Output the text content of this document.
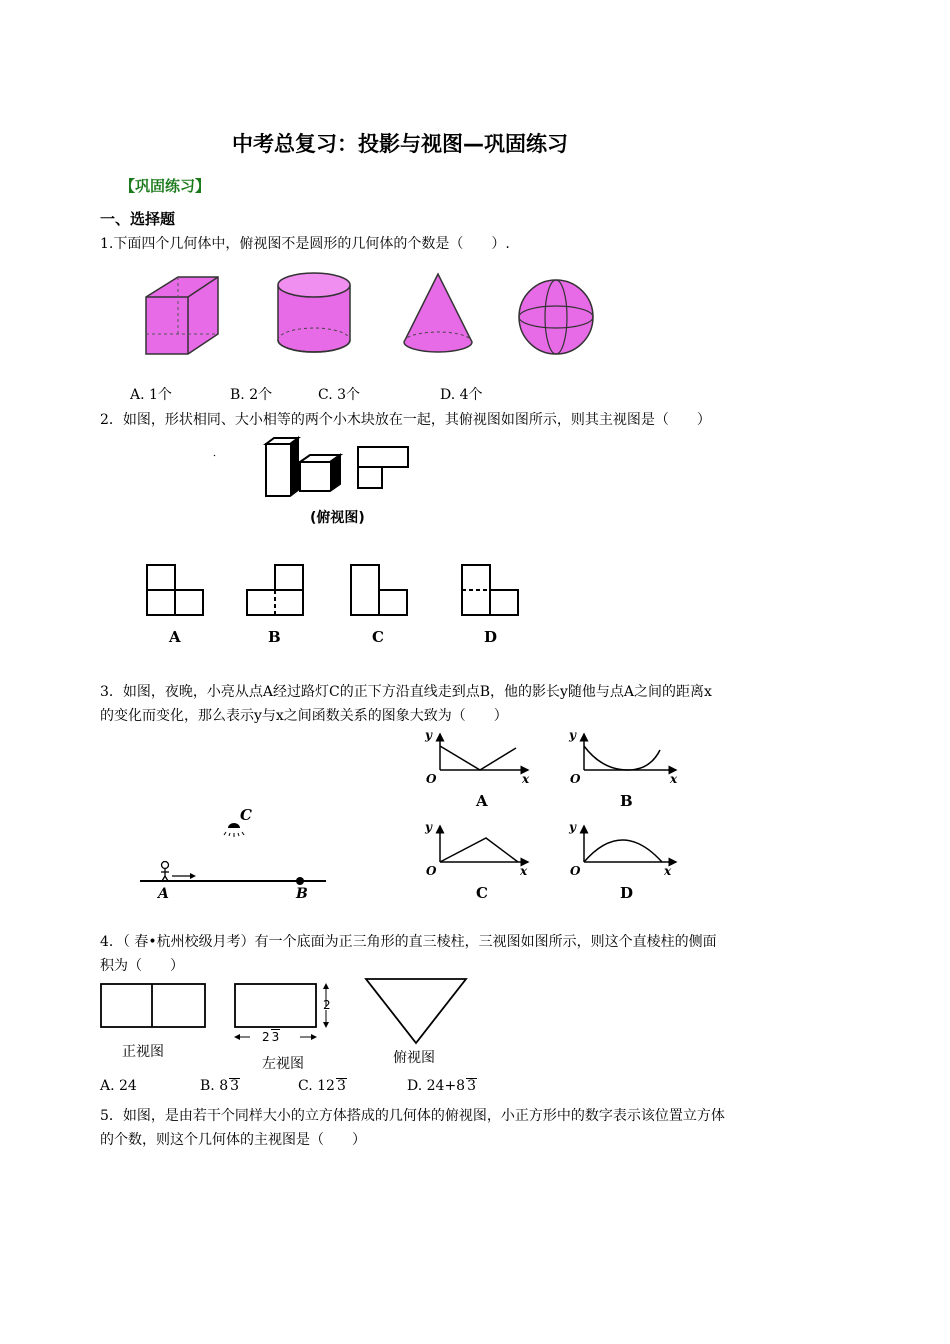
中考总复习：投影与视图—巩固练习
【巩固练习】
一、选择题
1.下面四个几何体中，俯视图不是圆形的几何体的个数是（　　）.
A. 1个	B. 2个	C. 3个	D. 4个
2．如图，形状相同、大小相等的两个小木块放在一起，其俯视图如图所示，则其主视图是（　　）
(俯视图)
A	B	C	D
3．如图，夜晚，小亮从点A经过路灯C的正下方沿直线走到点B，他的影长y随他与点A之间的距离x
的变化而变化，那么表示y与x之间函数关系的图象大致为（　　）
C
A	B
y
x
O
A
y
x
O
B
y
x
O
C
y
x
O
D
4．（ 春•杭州校级月考）有一个底面为正三角形的直三棱柱，三视图如图所示，则这个直棱柱的侧面
积为（　　）
2
2 3
正视图
左视图	俯视图
A. 24	B. 8 3	C. 12 3	D. 24+8 3
5．如图，是由若干个同样大小的立方体搭成的几何体的俯视图，小正方形中的数字表示该位置立方体
的个数，则这个几何体的主视图是（　　）
